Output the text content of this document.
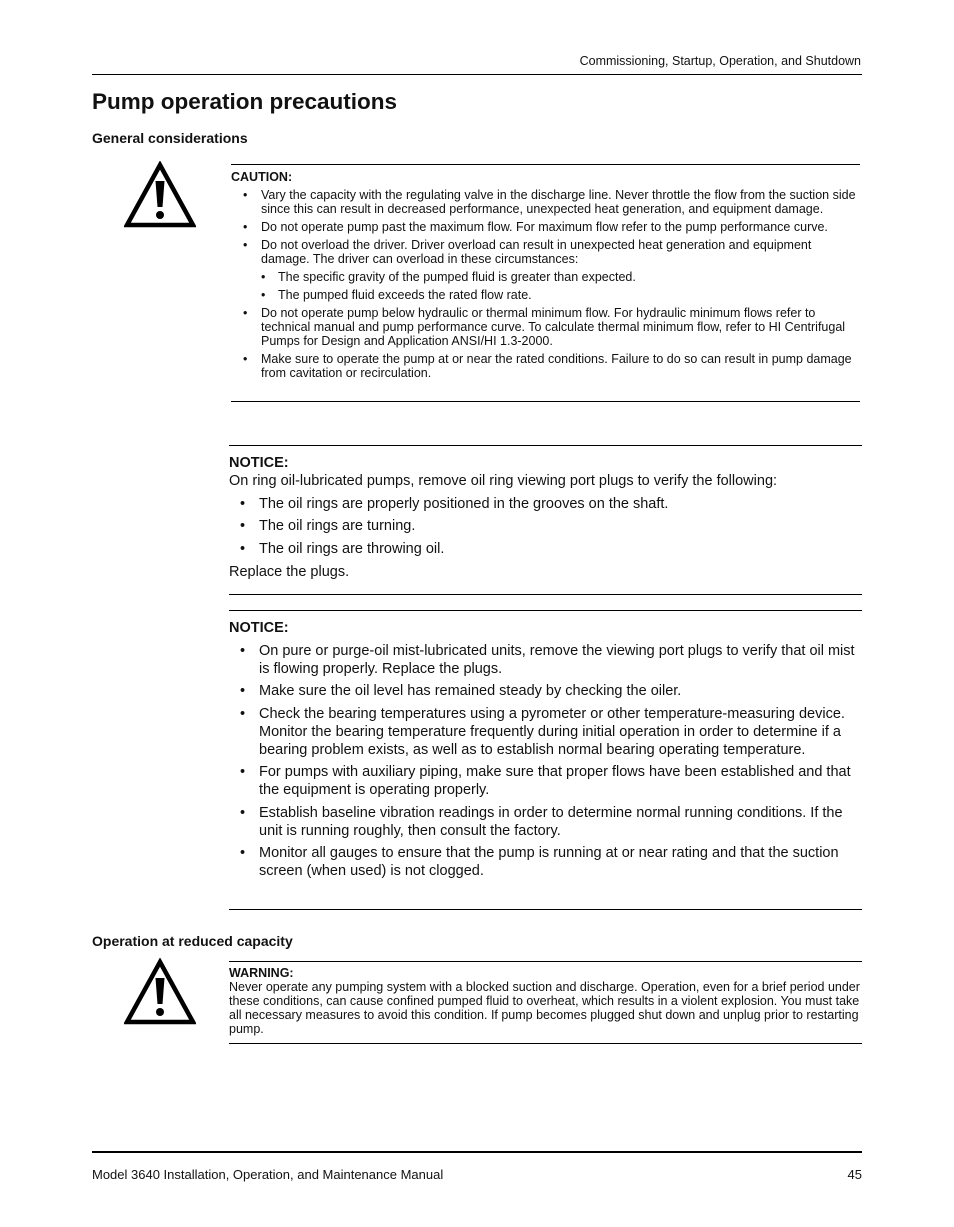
Commissioning, Startup, Operation, and Shutdown
Pump operation precautions
General considerations
CAUTION:
• Vary the capacity with the regulating valve in the discharge line. Never throttle the flow from the suction side since this can result in decreased performance, unexpected heat generation, and equipment damage.
• Do not operate pump past the maximum flow. For maximum flow refer to the pump performance curve.
• Do not overload the driver. Driver overload can result in unexpected heat generation and equipment damage. The driver can overload in these circumstances:
• The specific gravity of the pumped fluid is greater than expected.
• The pumped fluid exceeds the rated flow rate.
• Do not operate pump below hydraulic or thermal minimum flow. For hydraulic minimum flows refer to technical manual and pump performance curve. To calculate thermal minimum flow, refer to HI Centrifugal Pumps for Design and Application ANSI/HI 1.3-2000.
• Make sure to operate the pump at or near the rated conditions. Failure to do so can result in pump damage from cavitation or recirculation.
NOTICE:
On ring oil-lubricated pumps, remove oil ring viewing port plugs to verify the following:
• The oil rings are properly positioned in the grooves on the shaft.
• The oil rings are turning.
• The oil rings are throwing oil.
Replace the plugs.
NOTICE:
• On pure or purge-oil mist-lubricated units, remove the viewing port plugs to verify that oil mist is flowing properly. Replace the plugs.
• Make sure the oil level has remained steady by checking the oiler.
• Check the bearing temperatures using a pyrometer or other temperature-measuring device. Monitor the bearing temperature frequently during initial operation in order to determine if a bearing problem exists, as well as to establish normal bearing operating temperature.
• For pumps with auxiliary piping, make sure that proper flows have been established and that the equipment is operating properly.
• Establish baseline vibration readings in order to determine normal running conditions. If the unit is running roughly, then consult the factory.
• Monitor all gauges to ensure that the pump is running at or near rating and that the suction screen (when used) is not clogged.
Operation at reduced capacity
WARNING:
Never operate any pumping system with a blocked suction and discharge. Operation, even for a brief period under these conditions, can cause confined pumped fluid to overheat, which results in a violent explosion. You must take all necessary measures to avoid this condition. If pump becomes plugged shut down and unplug prior to restarting pump.
Model 3640 Installation, Operation, and Maintenance Manual	45
